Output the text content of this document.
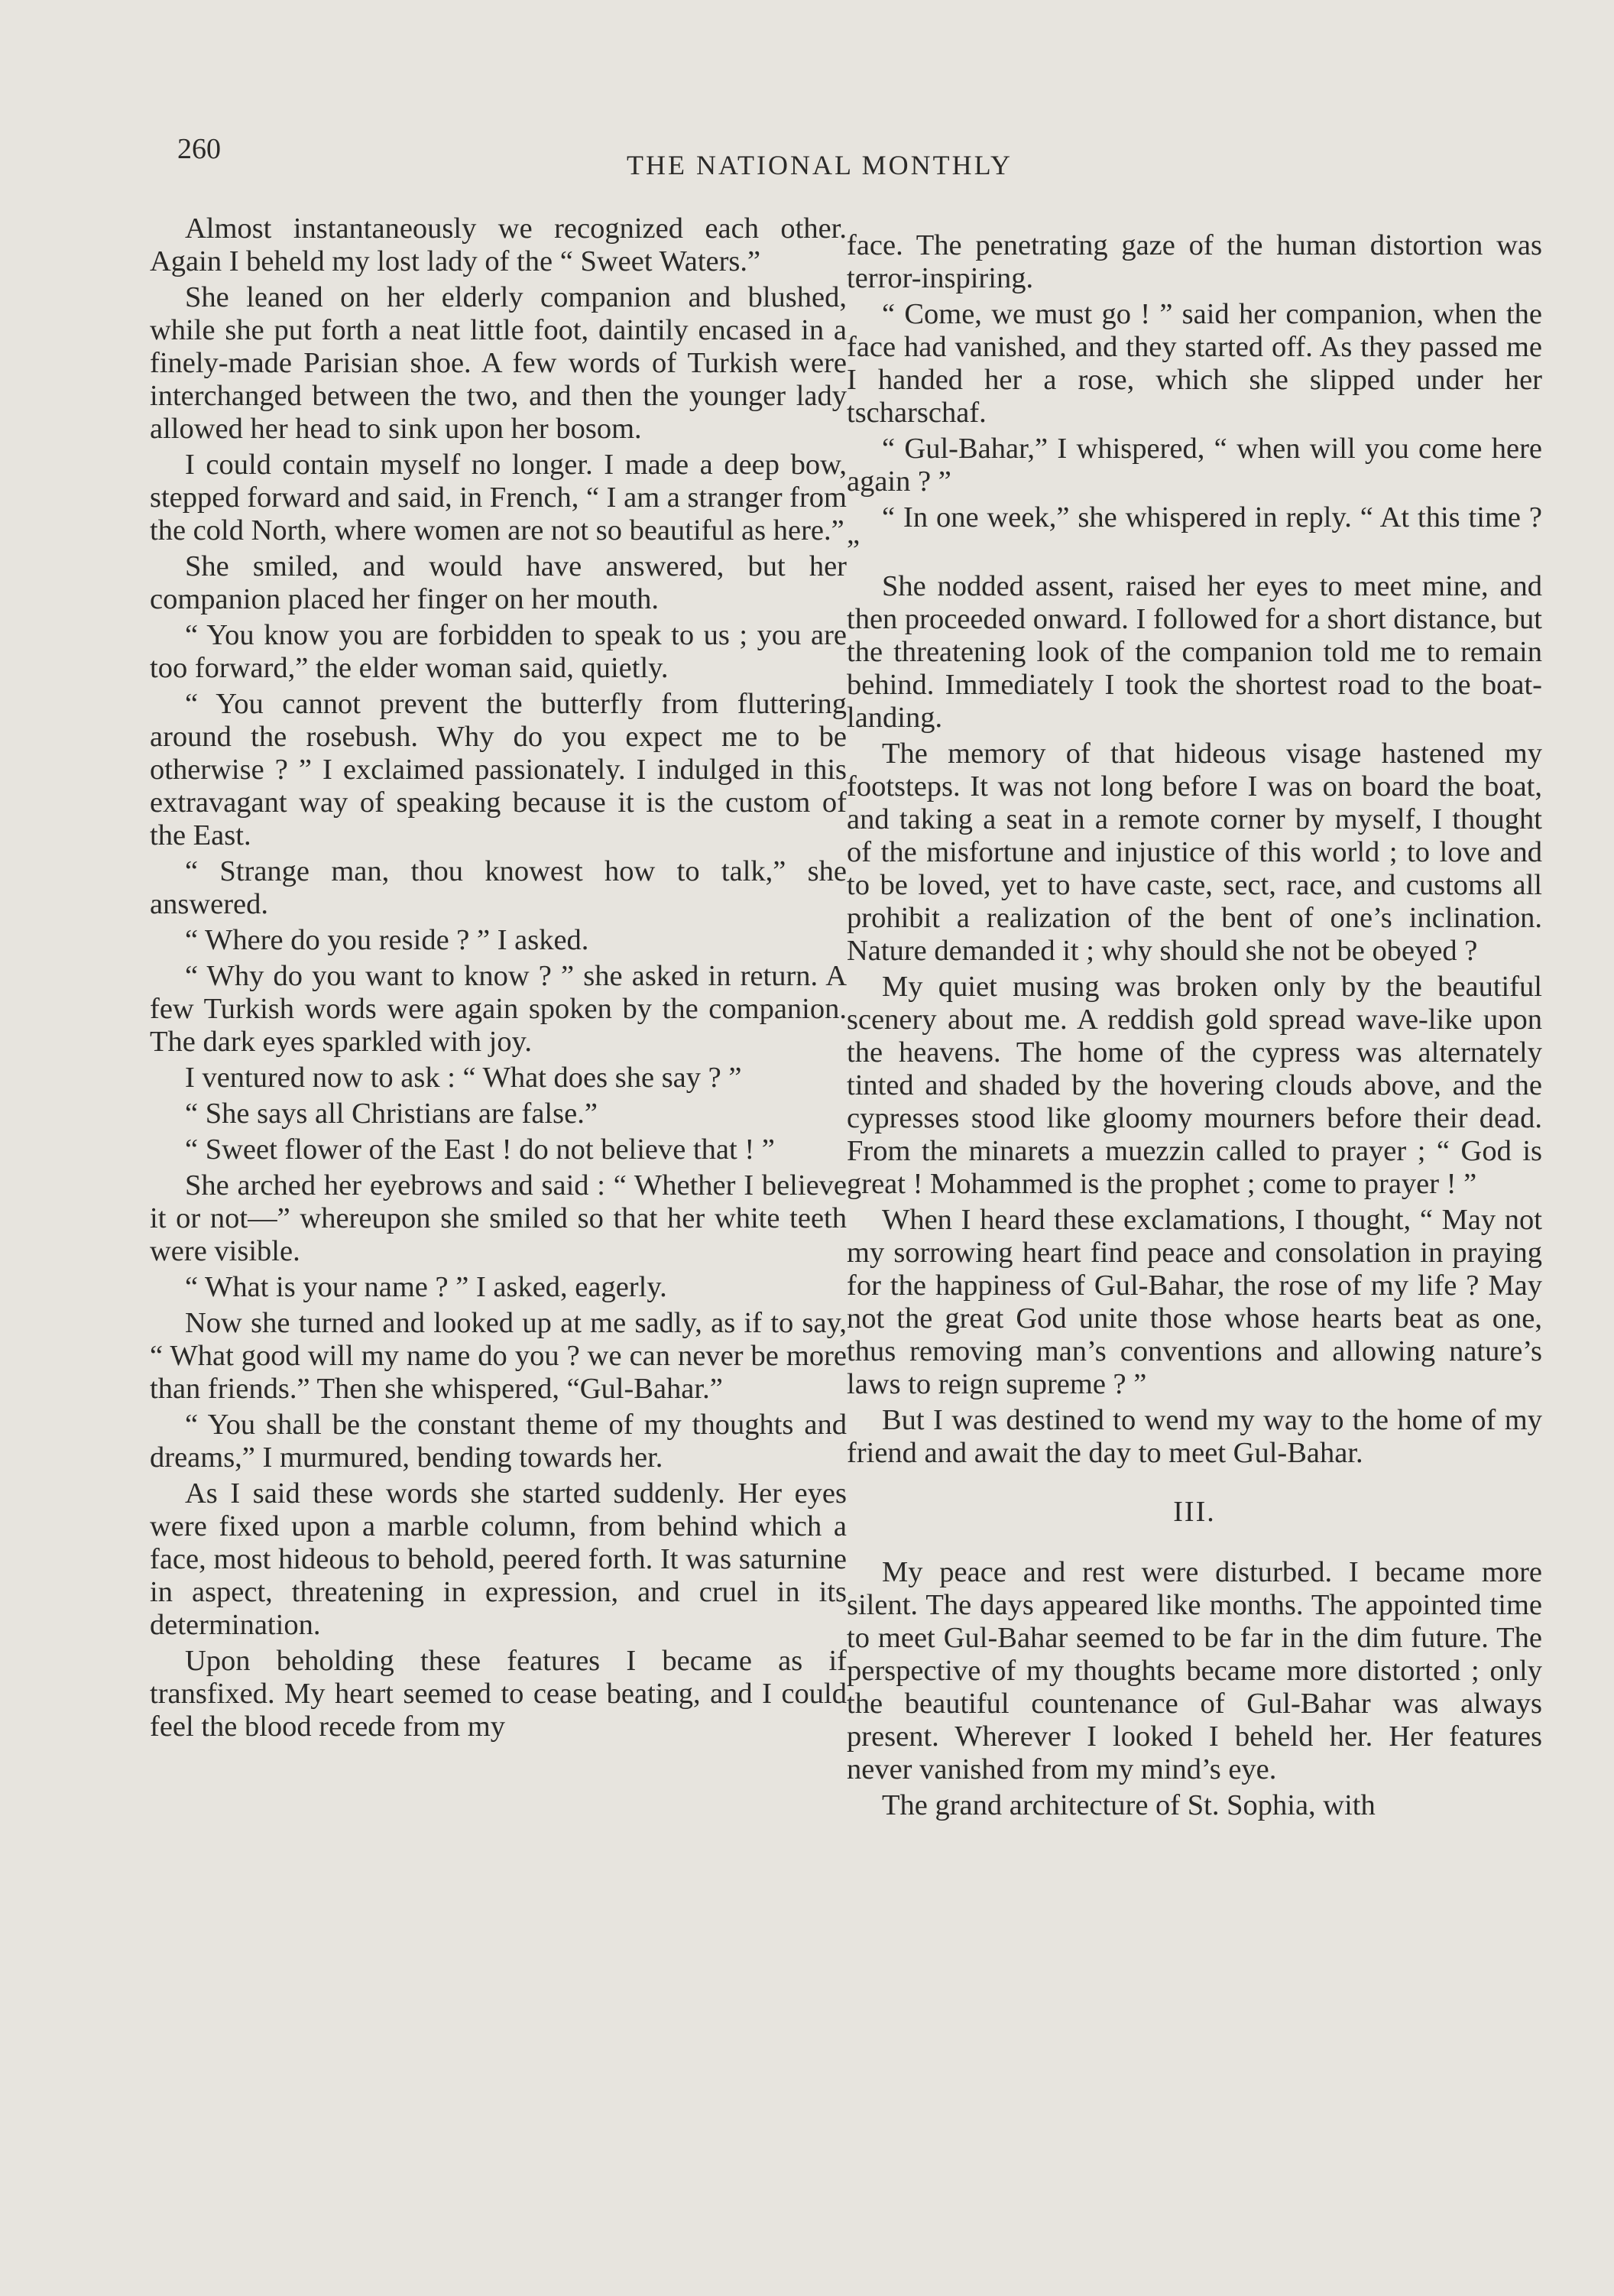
260	THE NATIONAL MONTHLY

Almost instantaneously we recognized each other. Again I beheld my lost lady of the “ Sweet Waters.”

She leaned on her elderly companion and blushed, while she put forth a neat little foot, daintily encased in a finely-made Parisian shoe. A few words of Turkish were interchanged between the two, and then the younger lady allowed her head to sink upon her bosom.

I could contain myself no longer. I made a deep bow, stepped forward and said, in French, “ I am a stranger from the cold North, where women are not so beautiful as here.”

She smiled, and would have answered, but her companion placed her finger on her mouth.

“ You know you are forbidden to speak to us ; you are too forward,” the elder woman said, quietly.

“ You cannot prevent the butterfly from fluttering around the rosebush. Why do you expect me to be otherwise ? ” I exclaimed passionately. I indulged in this extravagant way of speaking because it is the custom of the East.

“ Strange man, thou knowest how to talk,” she answered.

“ Where do you reside ? ” I asked.

“ Why do you want to know ? ” she asked in return. A few Turkish words were again spoken by the companion. The dark eyes sparkled with joy.

I ventured now to ask : “ What does she say ? ”

“ She says all Christians are false.”

“ Sweet flower of the East ! do not believe that ! ”

She arched her eyebrows and said : “ Whether I believe it or not—” whereupon she smiled so that her white teeth were visible.

“ What is your name ? ” I asked, eagerly.

Now she turned and looked up at me sadly, as if to say, “ What good will my name do you ? we can never be more than friends.” Then she whispered, “Gul-Bahar.”

“ You shall be the constant theme of my thoughts and dreams,” I murmured, bending towards her.

As I said these words she started suddenly. Her eyes were fixed upon a marble column, from behind which a face, most hideous to behold, peered forth. It was saturnine in aspect, threatening in expression, and cruel in its determination.

Upon beholding these features I became as if transfixed. My heart seemed to cease beating, and I could feel the blood recede from my

face. The penetrating gaze of the human distortion was terror-inspiring.

“ Come, we must go ! ” said her companion, when the face had vanished, and they started off. As they passed me I handed her a rose, which she slipped under her tscharschaf.

“ Gul-Bahar,” I whispered, “ when will you come here again ? ”

“ In one week,” she whispered in reply. “ At this time ? ”

She nodded assent, raised her eyes to meet mine, and then proceeded onward. I followed for a short distance, but the threatening look of the companion told me to remain behind. Immediately I took the shortest road to the boat-landing.

The memory of that hideous visage hastened my footsteps. It was not long before I was on board the boat, and taking a seat in a remote corner by myself, I thought of the misfortune and injustice of this world ; to love and to be loved, yet to have caste, sect, race, and customs all prohibit a realization of the bent of one’s inclination. Nature demanded it ; why should she not be obeyed ?

My quiet musing was broken only by the beautiful scenery about me. A reddish gold spread wave-like upon the heavens. The home of the cypress was alternately tinted and shaded by the hovering clouds above, and the cypresses stood like gloomy mourners before their dead. From the minarets a muezzin called to prayer ; “ God is great ! Mohammed is the prophet ; come to prayer ! ”

When I heard these exclamations, I thought, “ May not my sorrowing heart find peace and consolation in praying for the happiness of Gul-Bahar, the rose of my life ? May not the great God unite those whose hearts beat as one, thus removing man’s conventions and allowing nature’s laws to reign supreme ? ”

But I was destined to wend my way to the home of my friend and await the day to meet Gul-Bahar.

III.

My peace and rest were disturbed. I became more silent. The days appeared like months. The appointed time to meet Gul-Bahar seemed to be far in the dim future. The perspective of my thoughts became more distorted ; only the beautiful countenance of Gul-Bahar was always present. Wherever I looked I beheld her. Her features never vanished from my mind’s eye.

The grand architecture of St. Sophia, with
